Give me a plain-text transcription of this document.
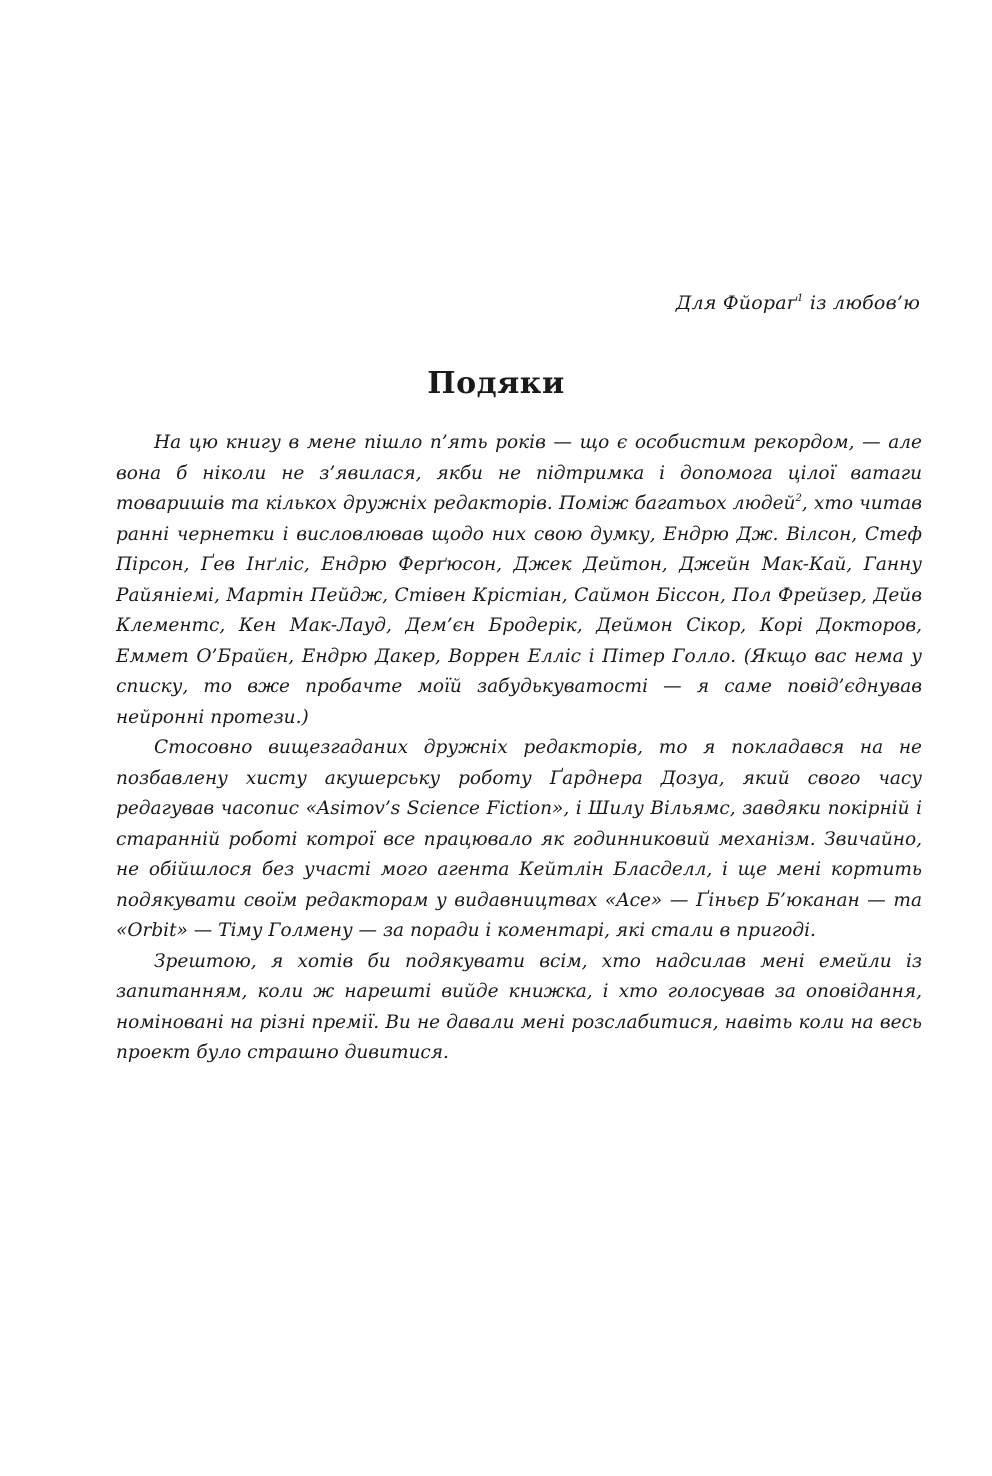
Для Фйораґ$^1$ із любов’ю
Подяки

На цю книгу в мене пішло п’ять років — що є особистим рекордом, — але вона б ніколи не з’явилася, якби не підтримка і допомога цілої ватаги товаришів та кількох дружніх редакторів. Поміж багатьох людей$^2$, хто читав ранні чернетки і висловлював щодо них свою думку, Ендрю Дж. Вілсон, Стеф Пірсон, Ґев Інґліс, Ендрю Ферґюсон, Джек Дейтон, Джейн Мак-Кай, Ганну Райяніемі, Мартін Пейдж, Стівен Крістіан, Саймон Біссон, Пол Фрейзер, Дейв Клементс, Кен Мак-Лауд, Дем’єн Бродерік, Деймон Сікор, Корі Докторов, Еммет О’Брайєн, Ендрю Дакер, Воррен Елліс і Пітер Голло. (Якщо вас нема у списку, то вже пробачте моїй забудькуватості — я саме повід’єднував нейронні протези.)

Стосовно вищезгаданих дружніх редакторів, то я покладався на не позбавлену хисту акушерську роботу Ґарднера Дозуа, який свого часу редагував часопис «Asimov’s Science Fiction», і Шилу Вільямс, завдяки покірній і старанній роботі котрої все працювало як годинниковий механізм. Звичайно, не обійшлося без участі мого агента Кейтлін Бласделл, і ще мені кортить подякувати своїм редакторам у видавництвах «Ace» — Ґіньєр Б’юканан — та «Orbit» — Тіму Голмену — за поради і коментарі, які стали в пригоді.

Зрештою, я хотів би подякувати всім, хто надсилав мені емейли із запитанням, коли ж нарешті вийде книжка, і хто голосував за оповідання, номіновані на різні премії. Ви не давали мені розслабитися, навіть коли на весь проект було страшно дивитися.
